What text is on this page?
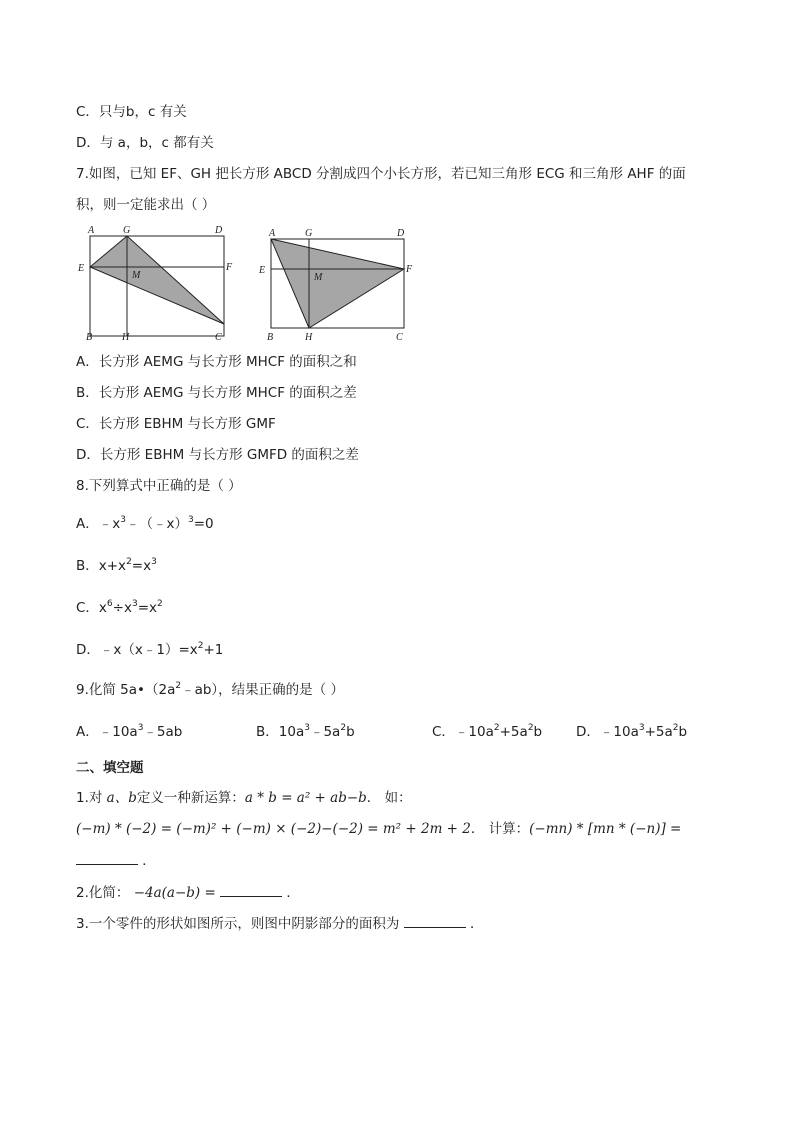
C．只与b，c 有关
D．与 a，b，c 都有关
7.如图，已知 EF、GH 把长方形 ABCD 分割成四个小长方形，若已知三角形 ECG 和三角形 AHF 的面
积，则一定能求出（ ）
A	G	D
E	F
M
B	H	C
A	G	D
E	F
M
B	H	C
A．长方形 AEMG 与长方形 MHCF 的面积之和
B．长方形 AEMG 与长方形 MHCF 的面积之差
C．长方形 EBHM 与长方形 GMF
D．长方形 EBHM 与长方形 GMFD 的面积之差
8.下列算式中正确的是（ ）
A．$﹣x^3﹣(﹣x)^3=0$
B．$x+x^2=x^3$
C．$x^6\div x^3=x^2$
D．$﹣x(x﹣1)=x^2+1$
9.化简 $5a•(2a^2﹣ab)$，结果正确的是（ ）
A．$﹣10a^3﹣5ab$	B．$10a^3﹣5a^2b$	C．$﹣10a^2+5a^2b$	D．$﹣10a^3+5a^2b$
二、填空题
1.对 a、b定义一种新运算：a * b = a² + ab−b． 如：
(−m) * (−2) = (−m)² + (−m) × (−2)−(−2) = m² + 2m + 2． 计算：(−mn) * [mn * (−n)] =
．
2.化简： −4a(a−b) =	．
3.一个零件的形状如图所示，则图中阴影部分的面积为	．
